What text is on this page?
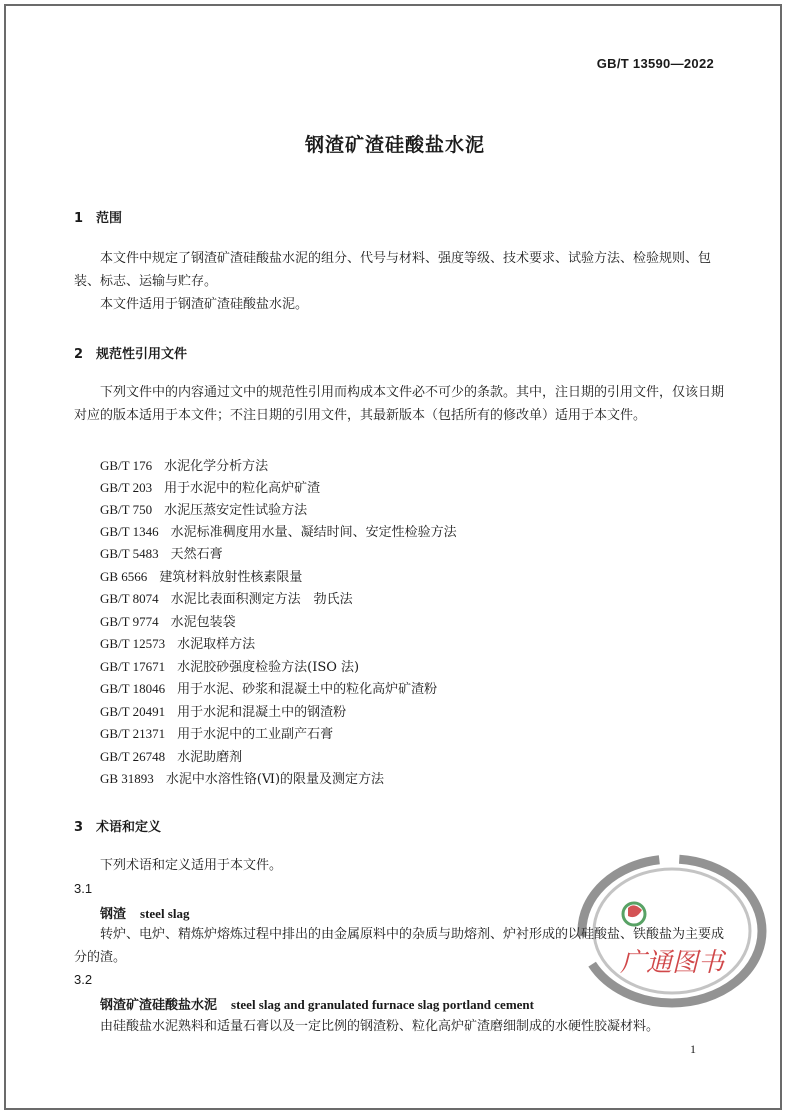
GB/T 13590—2022
钢渣矿渣硅酸盐水泥
1 范围
本文件中规定了钢渣矿渣硅酸盐水泥的组分、代号与材料、强度等级、技术要求、试验方法、检验规则、包装、标志、运输与贮存。
本文件适用于钢渣矿渣硅酸盐水泥。
2 规范性引用文件
下列文件中的内容通过文中的规范性引用而构成本文件必不可少的条款。其中，注日期的引用文件，仅该日期对应的版本适用于本文件；不注日期的引用文件，其最新版本（包括所有的修改单）适用于本文件。
GB/T 176 水泥化学分析方法
GB/T 203 用于水泥中的粒化高炉矿渣
GB/T 750 水泥压蒸安定性试验方法
GB/T 1346 水泥标准稠度用水量、凝结时间、安定性检验方法
GB/T 5483 天然石膏
GB 6566 建筑材料放射性核素限量
GB/T 8074 水泥比表面积测定方法　勃氏法
GB/T 9774 水泥包装袋
GB/T 12573 水泥取样方法
GB/T 17671 水泥胶砂强度检验方法(ISO 法)
GB/T 18046 用于水泥、砂浆和混凝土中的粒化高炉矿渣粉
GB/T 20491 用于水泥和混凝土中的钢渣粉
GB/T 21371 用于水泥中的工业副产石膏
GB/T 26748 水泥助磨剂
GB 31893 水泥中水溶性铬(Ⅵ)的限量及测定方法
3 术语和定义
下列术语和定义适用于本文件。
3.1
钢渣 steel slag
转炉、电炉、精炼炉熔炼过程中排出的由金属原料中的杂质与助熔剂、炉衬形成的以硅酸盐、铁酸盐为主要成分的渣。
3.2
钢渣矿渣硅酸盐水泥 steel slag and granulated furnace slag portland cement
由硅酸盐水泥熟料和适量石膏以及一定比例的钢渣粉、粒化高炉矿渣磨细制成的水硬性胶凝材料。
1
广通图书
